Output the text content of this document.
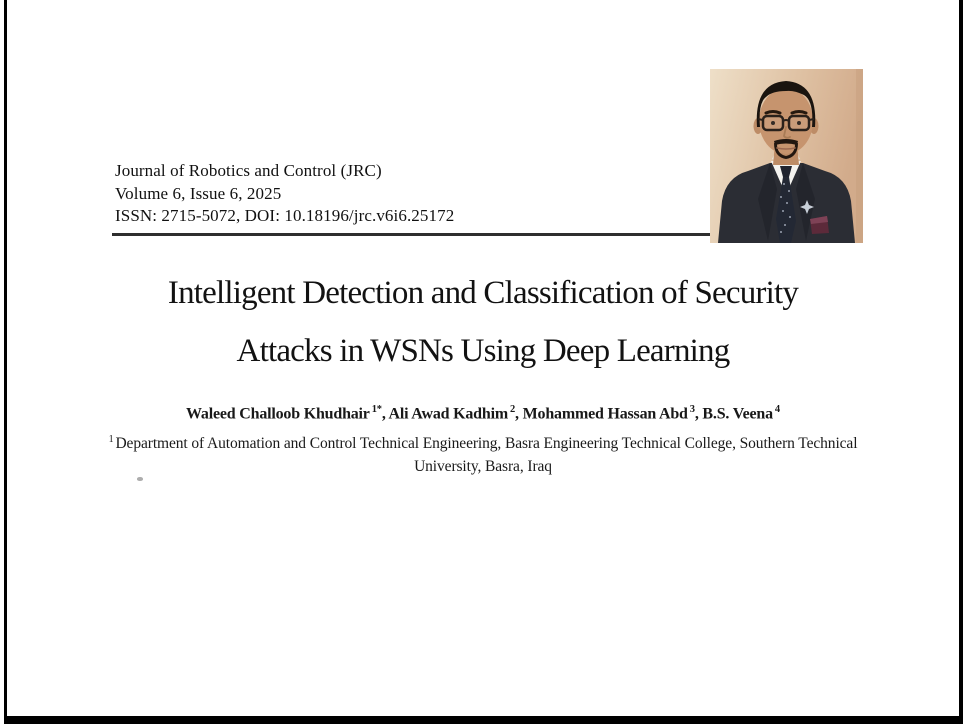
Journal of Robotics and Control (JRC)
Volume 6, Issue 6, 2025
ISSN: 2715-5072, DOI: 10.18196/jrc.v6i6.25172
Intelligent Detection and Classification of Security
Attacks in WSNs Using Deep Learning
Waleed Challoob Khudhair $^{1*}$, Ali Awad Kadhim $^2$, Mohammed Hassan Abd $^3$, B.S. Veena $^4$
$^1$ Department of Automation and Control Technical Engineering, Basra Engineering Technical College, Southern Technical
University, Basra, Iraq
